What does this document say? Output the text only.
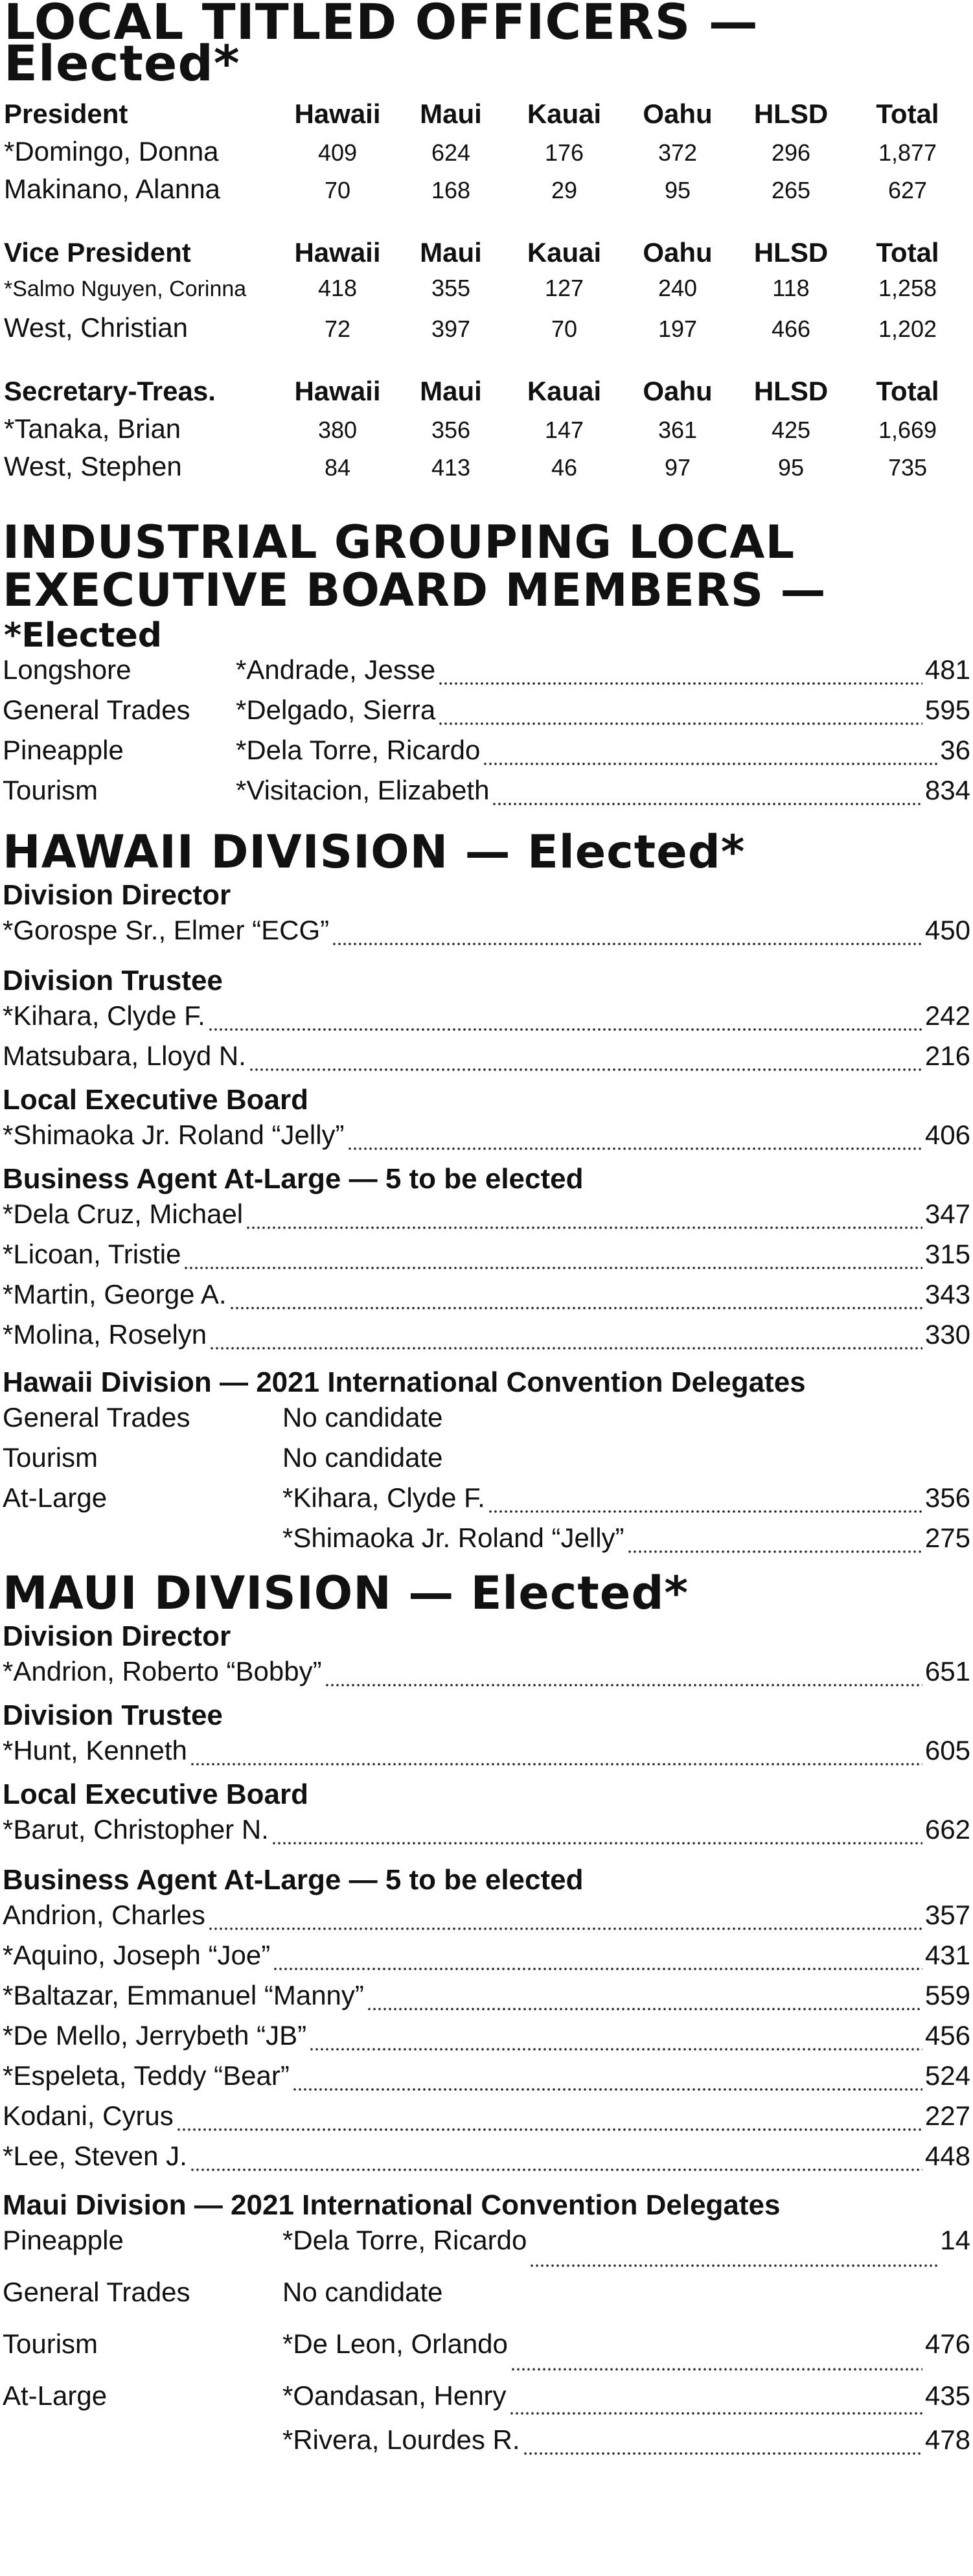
LOCAL TITLED OFFICERS —
Elected*
President	Hawaii	Maui	Kauai	Oahu	HLSD	Total
*Domingo, Donna	409	624	176	372	296	1,877
Makinano, Alanna	70	168	29	95	265	627
Vice President	Hawaii	Maui	Kauai	Oahu	HLSD	Total
*Salmo Nguyen, Corinna	418	355	127	240	118	1,258
West, Christian	72	397	70	197	466	1,202
Secretary-Treas.	Hawaii	Maui	Kauai	Oahu	HLSD	Total
*Tanaka, Brian	380	356	147	361	425	1,669
West, Stephen	84	413	46	97	95	735
INDUSTRIAL GROUPING LOCAL
EXECUTIVE BOARD MEMBERS —
*Elected
Longshore	*Andrade, Jesse	481
General Trades	*Delgado, Sierra	595
Pineapple	*Dela Torre, Ricardo	36
Tourism	*Visitacion, Elizabeth	834
HAWAII DIVISION — Elected*
Division Director
*Gorospe Sr., Elmer “ECG”	450
Division Trustee
*Kihara, Clyde F.	242
Matsubara, Lloyd N.	216
Local Executive Board
*Shimaoka Jr. Roland “Jelly”	406
Business Agent At-Large — 5 to be elected
*Dela Cruz, Michael	347
*Licoan, Tristie	315
*Martin, George A.	343
*Molina, Roselyn	330
Hawaii Division — 2021 International Convention Delegates
General Trades	No candidate
Tourism	No candidate
At-Large	*Kihara, Clyde F.	356
*Shimaoka Jr. Roland “Jelly”	275
MAUI DIVISION — Elected*
Division Director
*Andrion, Roberto “Bobby”	651
Division Trustee
*Hunt, Kenneth	605
Local Executive Board
*Barut, Christopher N.	662
Business Agent At-Large — 5 to be elected
Andrion, Charles	357
*Aquino, Joseph “Joe”	431
*Baltazar, Emmanuel “Manny”	559
*De Mello, Jerrybeth “JB”	456
*Espeleta, Teddy “Bear”	524
Kodani, Cyrus	227
*Lee, Steven J.	448
Maui Division — 2021 International Convention Delegates
Pineapple	*Dela Torre, Ricardo	14
General Trades	No candidate
Tourism	*De Leon, Orlando	476
At-Large	*Oandasan, Henry	435
*Rivera, Lourdes R.	478
